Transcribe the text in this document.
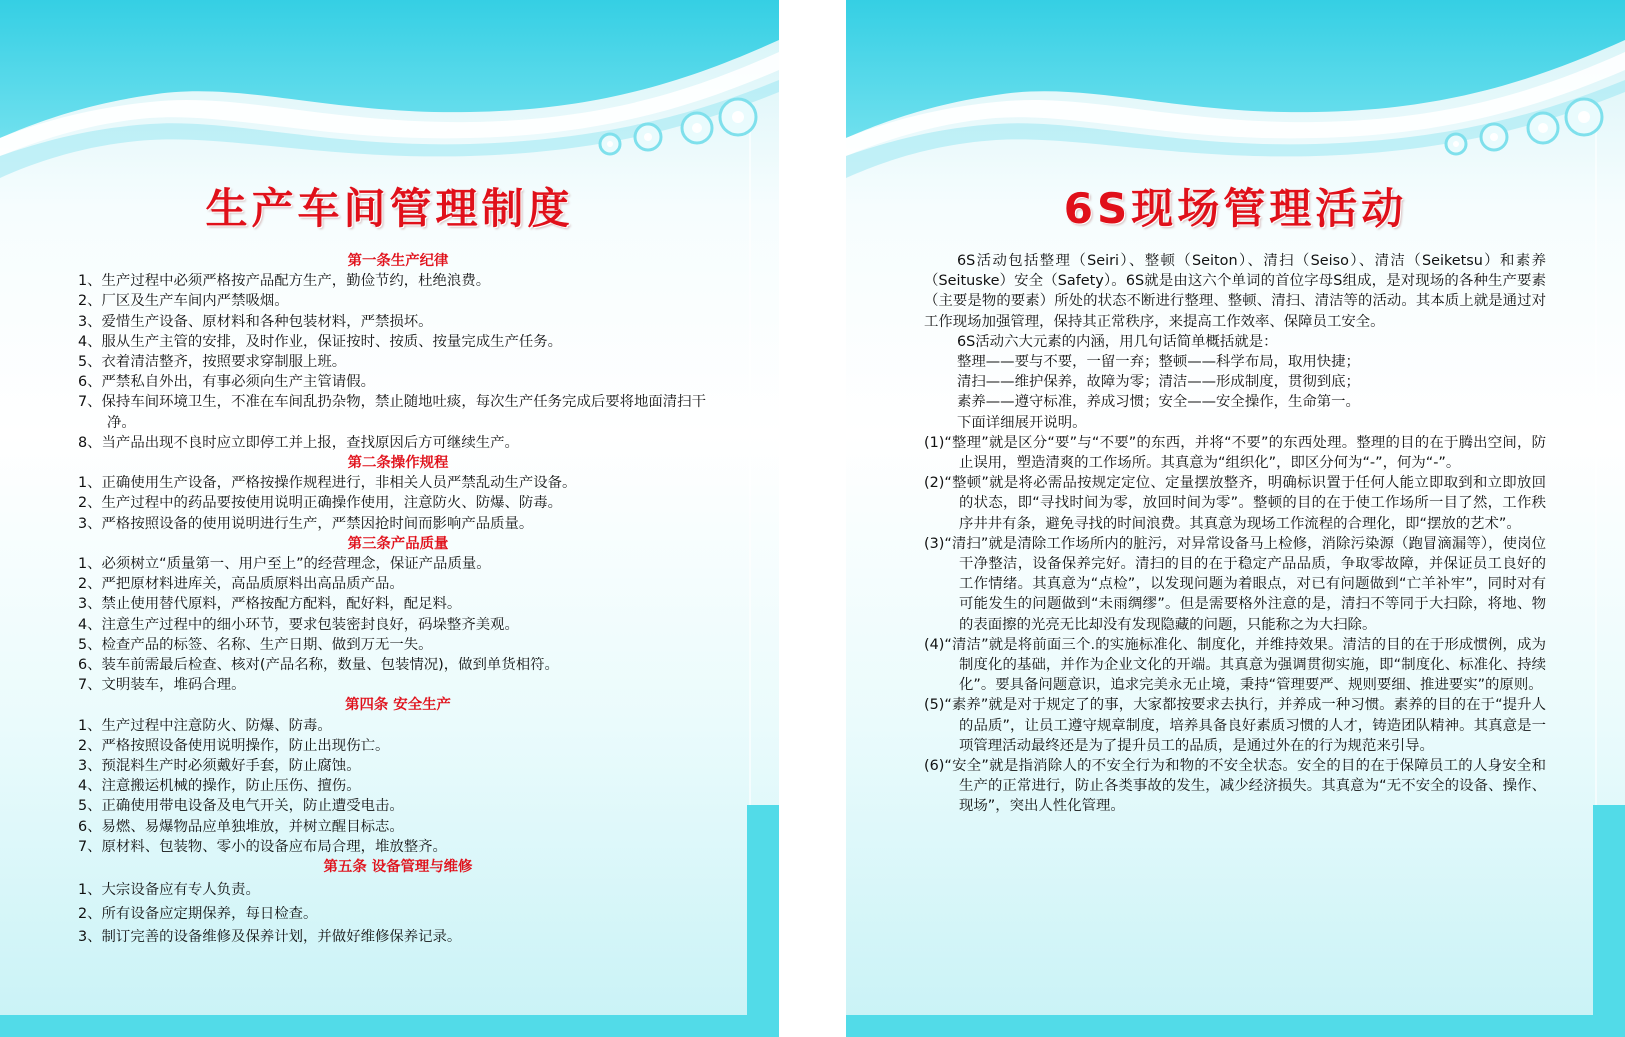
生产车间管理制度
第一条生产纪律
1、生产过程中必须严格按产品配方生产，勤俭节约，杜绝浪费。
2、厂区及生产车间内严禁吸烟。
3、爱惜生产设备、原材料和各种包装材料，严禁损坏。
4、服从生产主管的安排，及时作业，保证按时、按质、按量完成生产任务。
5、衣着清洁整齐，按照要求穿制服上班。
6、严禁私自外出，有事必须向生产主管请假。
7、保持车间环境卫生，不准在车间乱扔杂物，禁止随地吐痰，每次生产任务完成后要将地面清扫干净。
8、当产品出现不良时应立即停工并上报，查找原因后方可继续生产。
第二条操作规程
1、正确使用生产设备，严格按操作规程进行，非相关人员严禁乱动生产设备。
2、生产过程中的药品要按使用说明正确操作使用，注意防火、防爆、防毒。
3、严格按照设备的使用说明进行生产，严禁因抢时间而影响产品质量。
第三条产品质量
1、必须树立“质量第一、用户至上”的经营理念，保证产品质量。
2、严把原材料进库关，高品质原料出高品质产品。
3、禁止使用替代原料，严格按配方配料，配好料，配足料。
4、注意生产过程中的细小环节，要求包装密封良好，码垛整齐美观。
5、检查产品的标签、名称、生产日期、做到万无一失。
6、装车前需最后检查、核对(产品名称，数量、包装情况)，做到单货相符。
7、文明装车，堆码合理。
第四条 安全生产
1、生产过程中注意防火、防爆、防毒。
2、严格按照设备使用说明操作，防止出现伤亡。
3、预混料生产时必须戴好手套，防止腐蚀。
4、注意搬运机械的操作，防止压伤、擅伤。
5、正确使用带电设备及电气开关，防止遭受电击。
6、易燃、易爆物品应单独堆放，并树立醒目标志。
7、原材料、包装物、零小的设备应布局合理，堆放整齐。
第五条 设备管理与维修
1、大宗设备应有专人负责。
2、所有设备应定期保养，每日检查。
3、制订完善的设备维修及保养计划，并做好维修保养记录。
6S现场管理活动
6S活动包括整理（Seiri）、整顿（Seiton）、清扫（Seiso）、清洁（Seiketsu）和素养（Seituske）安全（Safety）。6S就是由这六个单词的首位字母S组成，是对现场的各种生产要素（主要是物的要素）所处的状态不断进行整理、整顿、清扫、清洁等的活动。其本质上就是通过对工作现场加强管理，保持其正常秩序，来提高工作效率、保障员工安全。
6S活动六大元素的内涵，用几句话简单概括就是：
整理——要与不要，一留一弃；整顿——科学布局，取用快捷；
清扫——维护保养，故障为零；清洁——形成制度，贯彻到底；
素养——遵守标准，养成习惯；安全——安全操作，生命第一。
下面详细展开说明。
(1)“整理”就是区分“要”与“不要”的东西，并将“不要”的东西处理。整理的目的在于腾出空间，防止误用，塑造清爽的工作场所。其真意为“组织化”，即区分何为“-”，何为“-”。
(2)“整顿”就是将必需品按规定定位、定量摆放整齐，明确标识置于任何人能立即取到和立即放回的状态，即“寻找时间为零，放回时间为零”。整顿的目的在于使工作场所一目了然，工作秩序井井有条，避免寻找的时间浪费。其真意为现场工作流程的合理化，即“摆放的艺术”。
(3)“清扫”就是清除工作场所内的脏污，对异常设备马上检修，消除污染源（跑冒滴漏等），使岗位干净整洁，设备保养完好。清扫的目的在于稳定产品品质，争取零故障，并保证员工良好的工作情绪。其真意为“点检”，以发现问题为着眼点，对已有问题做到“亡羊补牢”，同时对有可能发生的问题做到“未雨绸缪”。但是需要格外注意的是，清扫不等同于大扫除，将地、物的表面擦的光亮无比却没有发现隐藏的问题，只能称之为大扫除。
(4)“清洁”就是将前面三个.的实施标准化、制度化，并维持效果。清洁的目的在于形成惯例，成为制度化的基础，并作为企业文化的开端。其真意为强调贯彻实施，即“制度化、标准化、持续化”。要具备问题意识，追求完美永无止境，秉持“管理要严、规则要细、推进要实”的原则。
(5)“素养”就是对于规定了的事，大家都按要求去执行，并养成一种习惯。素养的目的在于“提升人的品质”，让员工遵守规章制度，培养具备良好素质习惯的人才，铸造团队精神。其真意是一项管理活动最终还是为了提升员工的品质，是通过外在的行为规范来引导。
(6)“安全”就是指消除人的不安全行为和物的不安全状态。安全的目的在于保障员工的人身安全和生产的正常进行，防止各类事故的发生，减少经济损失。其真意为“无不安全的设备、操作、现场”，突出人性化管理。
